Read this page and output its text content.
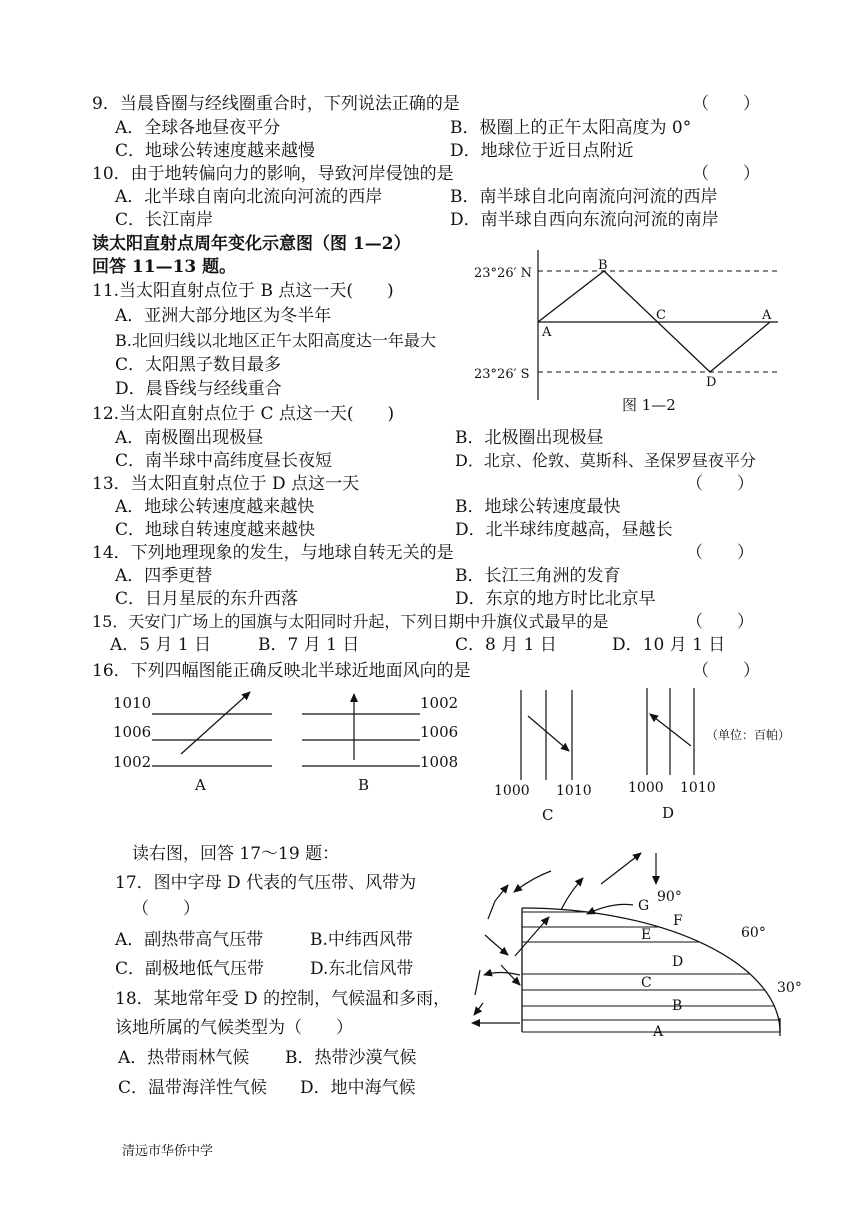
9．当晨昏圈与经线圈重合时，下列说法正确的是	（　　）
A．全球各地昼夜平分	B．极圈上的正午太阳高度为 0°
C．地球公转速度越来越慢	D．地球位于近日点附近
10．由于地转偏向力的影响，导致河岸侵蚀的是	（　　）
A．北半球自南向北流向河流的西岸	B．南半球自北向南流向河流的西岸
C．长江南岸	D．南半球自西向东流向河流的南岸
读太阳直射点周年变化示意图（图 1—2）
回答 11—13 题。
11.当太阳直射点位于 B 点这一天(　　)
A．亚洲大部分地区为冬半年
B.北回归线以北地区正午太阳高度达一年最大
C．太阳黑子数目最多
D．晨昏线与经线重合
23°26′ N
23°26′ S
A
B
C
D
A
图 1—2
12.当太阳直射点位于 C 点这一天(　　)
A．南极圈出现极昼	B．北极圈出现极昼
C．南半球中高纬度昼长夜短	D．北京、伦敦、莫斯科、圣保罗昼夜平分
13．当太阳直射点位于 D 点这一天	（　　）
A．地球公转速度越来越快	B．地球公转速度最快
C．地球自转速度越来越快	D．北半球纬度越高，昼越长
14．下列地理现象的发生，与地球自转无关的是	（　　）
A．四季更替	B．长江三角洲的发育
C．日月星辰的东升西落	D．东京的地方时比北京早
15．天安门广场上的国旗与太阳同时升起，下列日期中升旗仪式最早的是	（　　）
A．5 月 1 日	B．7 月 1 日	C．8 月 1 日	D．10 月 1 日
16．下列四幅图能正确反映北半球近地面风向的是	（　　）
1010
1006
1002
A
1002
1006
1008
B	1000 1010
C
1000 1010
D
（单位：百帕）
读右图，回答 17～19 题：
17．图中字母 D 代表的气压带、风带为
（　　）
A．副热带高气压带	B.中纬西风带
C．副极地低气压带	D.东北信风带
18．某地常年受 D 的控制，气候温和多雨，
该地所属的气候类型为（　　）
A．热带雨林气候 B．热带沙漠气候
C．温带海洋性气候 D．地中海气候
90°
60°
30°
G
F
E
D
C
B
A
清远市华侨中学
